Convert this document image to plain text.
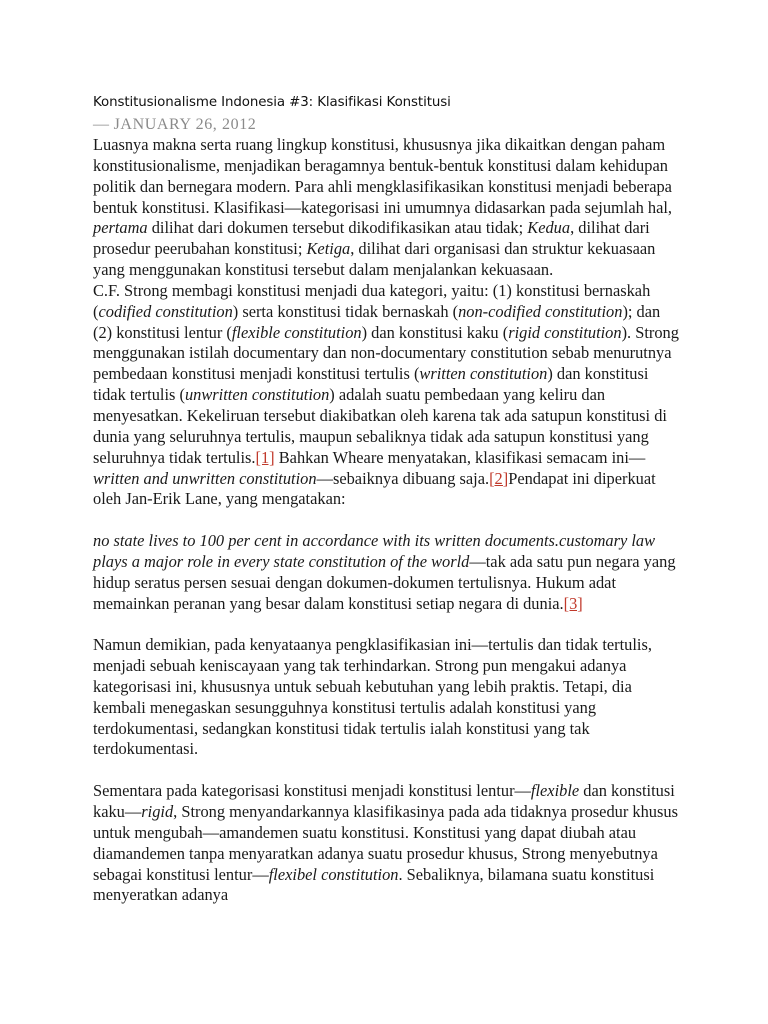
Konstitusionalisme Indonesia #3: Klasifikasi Konstitusi
— JANUARY 26, 2012

Luasnya makna serta ruang lingkup konstitusi, khususnya jika dikaitkan dengan paham konstitusionalisme, menjadikan beragamnya bentuk-bentuk konstitusi dalam kehidupan politik dan bernegara modern. Para ahli mengklasifikasikan konstitusi menjadi beberapa bentuk konstitusi. Klasifikasi—kategorisasi ini umumnya didasarkan pada sejumlah hal, pertama dilihat dari dokumen tersebut dikodifikasikan atau tidak; Kedua, dilihat dari prosedur peerubahan konstitusi; Ketiga, dilihat dari organisasi dan struktur kekuasaan yang menggunakan konstitusi tersebut dalam menjalankan kekuasaan.

C.F. Strong membagi konstitusi menjadi dua kategori, yaitu: (1) konstitusi bernaskah (codified constitution) serta konstitusi tidak bernaskah (non-codified constitution); dan (2) konstitusi lentur (flexible constitution) dan konstitusi kaku (rigid constitution). Strong menggunakan istilah documentary dan non-documentary constitution sebab menurutnya pembedaan konstitusi menjadi konstitusi tertulis (written constitution) dan konstitusi tidak tertulis (unwritten constitution) adalah suatu pembedaan yang keliru dan menyesatkan. Kekeliruan tersebut diakibatkan oleh karena tak ada satupun konstitusi di dunia yang seluruhnya tertulis, maupun sebaliknya tidak ada satupun konstitusi yang seluruhnya tidak tertulis.[1] Bahkan Wheare menyatakan, klasifikasi semacam ini—written and unwritten constitution—sebaiknya dibuang saja.[2]Pendapat ini diperkuat oleh Jan-Erik Lane, yang mengatakan:

no state lives to 100 per cent in accordance with its written documents.customary law plays a major role in every state constitution of the world—tak ada satu pun negara yang hidup seratus persen sesuai dengan dokumen-dokumen tertulisnya. Hukum adat memainkan peranan yang besar dalam konstitusi setiap negara di dunia.[3]

Namun demikian, pada kenyataanya pengklasifikasian ini—tertulis dan tidak tertulis, menjadi sebuah keniscayaan yang tak terhindarkan. Strong pun mengakui adanya kategorisasi ini, khususnya untuk sebuah kebutuhan yang lebih praktis. Tetapi, dia kembali menegaskan sesungguhnya konstitusi tertulis adalah konstitusi yang terdokumentasi, sedangkan konstitusi tidak tertulis ialah konstitusi yang tak terdokumentasi.

Sementara pada kategorisasi konstitusi menjadi konstitusi lentur—flexible dan konstitusi kaku—rigid, Strong menyandarkannya klasifikasinya pada ada tidaknya prosedur khusus untuk mengubah—amandemen suatu konstitusi. Konstitusi yang dapat diubah atau diamandemen tanpa menyaratkan adanya suatu prosedur khusus, Strong menyebutnya sebagai konstitusi lentur—flexibel constitution. Sebaliknya, bilamana suatu konstitusi menyeratkan adanya
